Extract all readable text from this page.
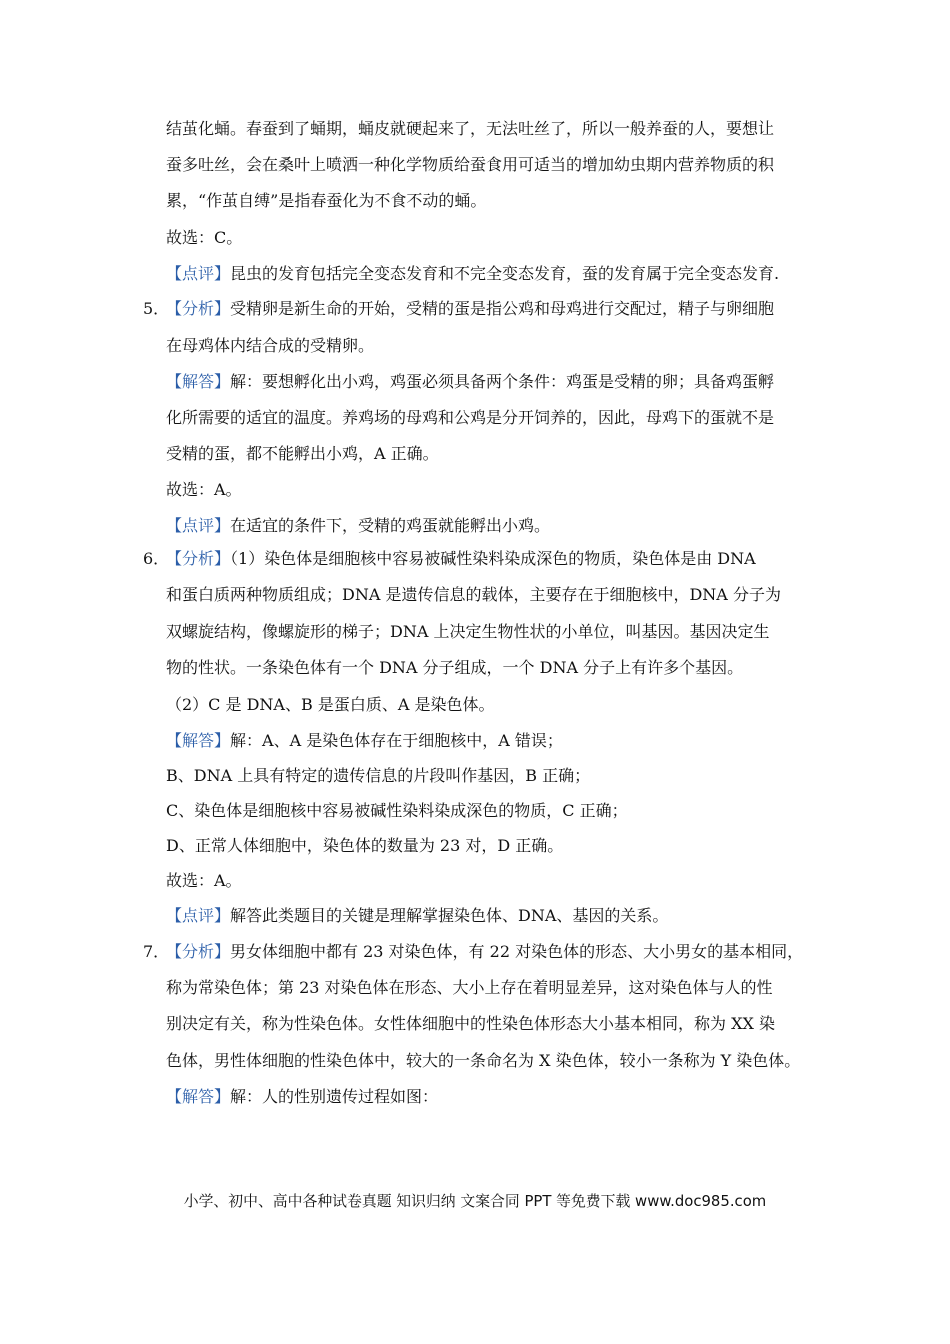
结茧化蛹。春蚕到了蛹期，蛹皮就硬起来了，无法吐丝了，所以一般养蚕的人，要想让
蚕多吐丝，会在桑叶上喷洒一种化学物质给蚕食用可适当的增加幼虫期内营养物质的积
累，“作茧自缚”是指春蚕化为不食不动的蛹。
故选：C。
【点评】昆虫的发育包括完全变态发育和不完全变态发育，蚕的发育属于完全变态发育.
5．
【分析】受精卵是新生命的开始，受精的蛋是指公鸡和母鸡进行交配过，精子与卵细胞
在母鸡体内结合成的受精卵。
【解答】解：要想孵化出小鸡，鸡蛋必须具备两个条件：鸡蛋是受精的卵；具备鸡蛋孵
化所需要的适宜的温度。养鸡场的母鸡和公鸡是分开饲养的，因此，母鸡下的蛋就不是
受精的蛋，都不能孵出小鸡，A 正确。
故选：A。
【点评】在适宜的条件下，受精的鸡蛋就能孵出小鸡。
6．
【分析】（1）染色体是细胞核中容易被碱性染料染成深色的物质，染色体是由 DNA
和蛋白质两种物质组成；DNA 是遗传信息的载体，主要存在于细胞核中，DNA 分子为
双螺旋结构，像螺旋形的梯子；DNA 上决定生物性状的小单位，叫基因。基因决定生
物的性状。一条染色体有一个 DNA 分子组成，一个 DNA 分子上有许多个基因。
（2）C 是 DNA、B 是蛋白质、A 是染色体。
【解答】解：A、A 是染色体存在于细胞核中，A 错误；
B、DNA 上具有特定的遗传信息的片段叫作基因，B 正确；
C、染色体是细胞核中容易被碱性染料染成深色的物质，C 正确；
D、正常人体细胞中，染色体的数量为 23 对，D 正确。
故选：A。
【点评】解答此类题目的关键是理解掌握染色体、DNA、基因的关系。
7．
【分析】男女体细胞中都有 23 对染色体，有 22 对染色体的形态、大小男女的基本相同，
称为常染色体；第 23 对染色体在形态、大小上存在着明显差异，这对染色体与人的性
别决定有关，称为性染色体。女性体细胞中的性染色体形态大小基本相同，称为 XX 染
色体，男性体细胞的性染色体中，较大的一条命名为 X 染色体，较小一条称为 Y 染色体。
【解答】解：人的性别遗传过程如图：
小学、初中、高中各种试卷真题 知识归纳 文案合同 PPT 等免费下载 www.doc985.com
